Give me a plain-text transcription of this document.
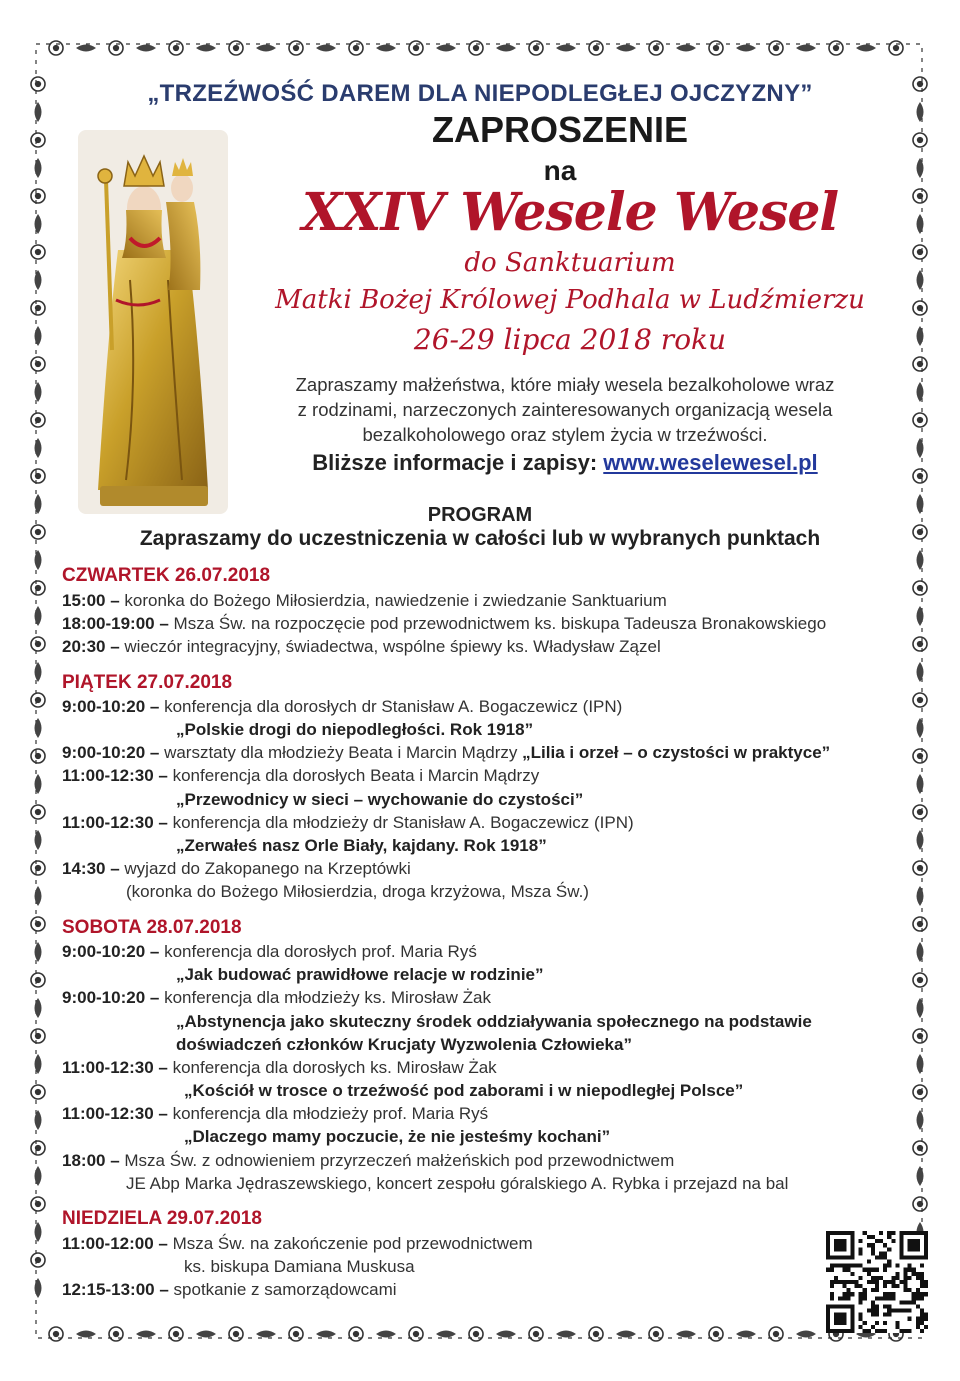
„TRZEŹWOŚĆ DAREM DLA NIEPODLEGŁEJ OJCZYZNY”
ZAPROSZENIE
na
XXIV Wesele Wesel
do Sanktuarium
Matki Bożej Królowej Podhala w Ludźmierzu
26-29 lipca 2018 roku
Zapraszamy małżeństwa, które miały wesela bezalkoholowe wraz
z rodzinami, narzeczonych zainteresowanych organizacją wesela
bezalkoholowego oraz stylem życia w trzeźwości.
Bliższe informacje i zapisy: www.weselewesel.pl
PROGRAM
Zapraszamy do uczestniczenia w całości lub w wybranych punktach
CZWARTEK 26.07.2018
15:00 – koronka do Bożego Miłosierdzia, nawiedzenie i zwiedzanie Sanktuarium
18:00-19:00 – Msza Św. na rozpoczęcie pod przewodnictwem ks. biskupa Tadeusza Bronakowskiego
20:30 – wieczór integracyjny, świadectwa, wspólne śpiewy ks. Władysław Zązel
PIĄTEK 27.07.2018
9:00-10:20 – konferencja dla dorosłych dr Stanisław A. Bogaczewicz (IPN)
„Polskie drogi do niepodległości. Rok 1918”
9:00-10:20 – warsztaty dla młodzieży Beata i Marcin Mądrzy „Lilia i orzeł – o czystości w praktyce”
11:00-12:30 – konferencja dla dorosłych Beata i Marcin Mądrzy
„Przewodnicy w sieci – wychowanie do czystości”
11:00-12:30 – konferencja dla młodzieży dr Stanisław A. Bogaczewicz (IPN)
„Zerwałeś nasz Orle Biały, kajdany. Rok 1918”
14:30 – wyjazd do Zakopanego na Krzeptówki
(koronka do Bożego Miłosierdzia, droga krzyżowa, Msza Św.)
SOBOTA 28.07.2018
9:00-10:20 – konferencja dla dorosłych prof. Maria Ryś
„Jak budować prawidłowe relacje w rodzinie”
9:00-10:20 – konferencja dla młodzieży ks. Mirosław Żak
„Abstynencja jako skuteczny środek oddziaływania społecznego na podstawie
doświadczeń członków Krucjaty Wyzwolenia Człowieka”
11:00-12:30 – konferencja dla dorosłych ks. Mirosław Żak
„Kościół w trosce o trzeźwość pod zaborami i w niepodległej Polsce”
11:00-12:30 – konferencja dla młodzieży prof. Maria Ryś
„Dlaczego mamy poczucie, że nie jesteśmy kochani”
18:00 – Msza Św. z odnowieniem przyrzeczeń małżeńskich pod przewodnictwem
JE Abp Marka Jędraszewskiego, koncert zespołu góralskiego A. Rybka i przejazd na bal
NIEDZIELA 29.07.2018
11:00-12:00 – Msza Św. na zakończenie pod przewodnictwem
ks. biskupa Damiana Muskusa
12:15-13:00 – spotkanie z samorządowcami
